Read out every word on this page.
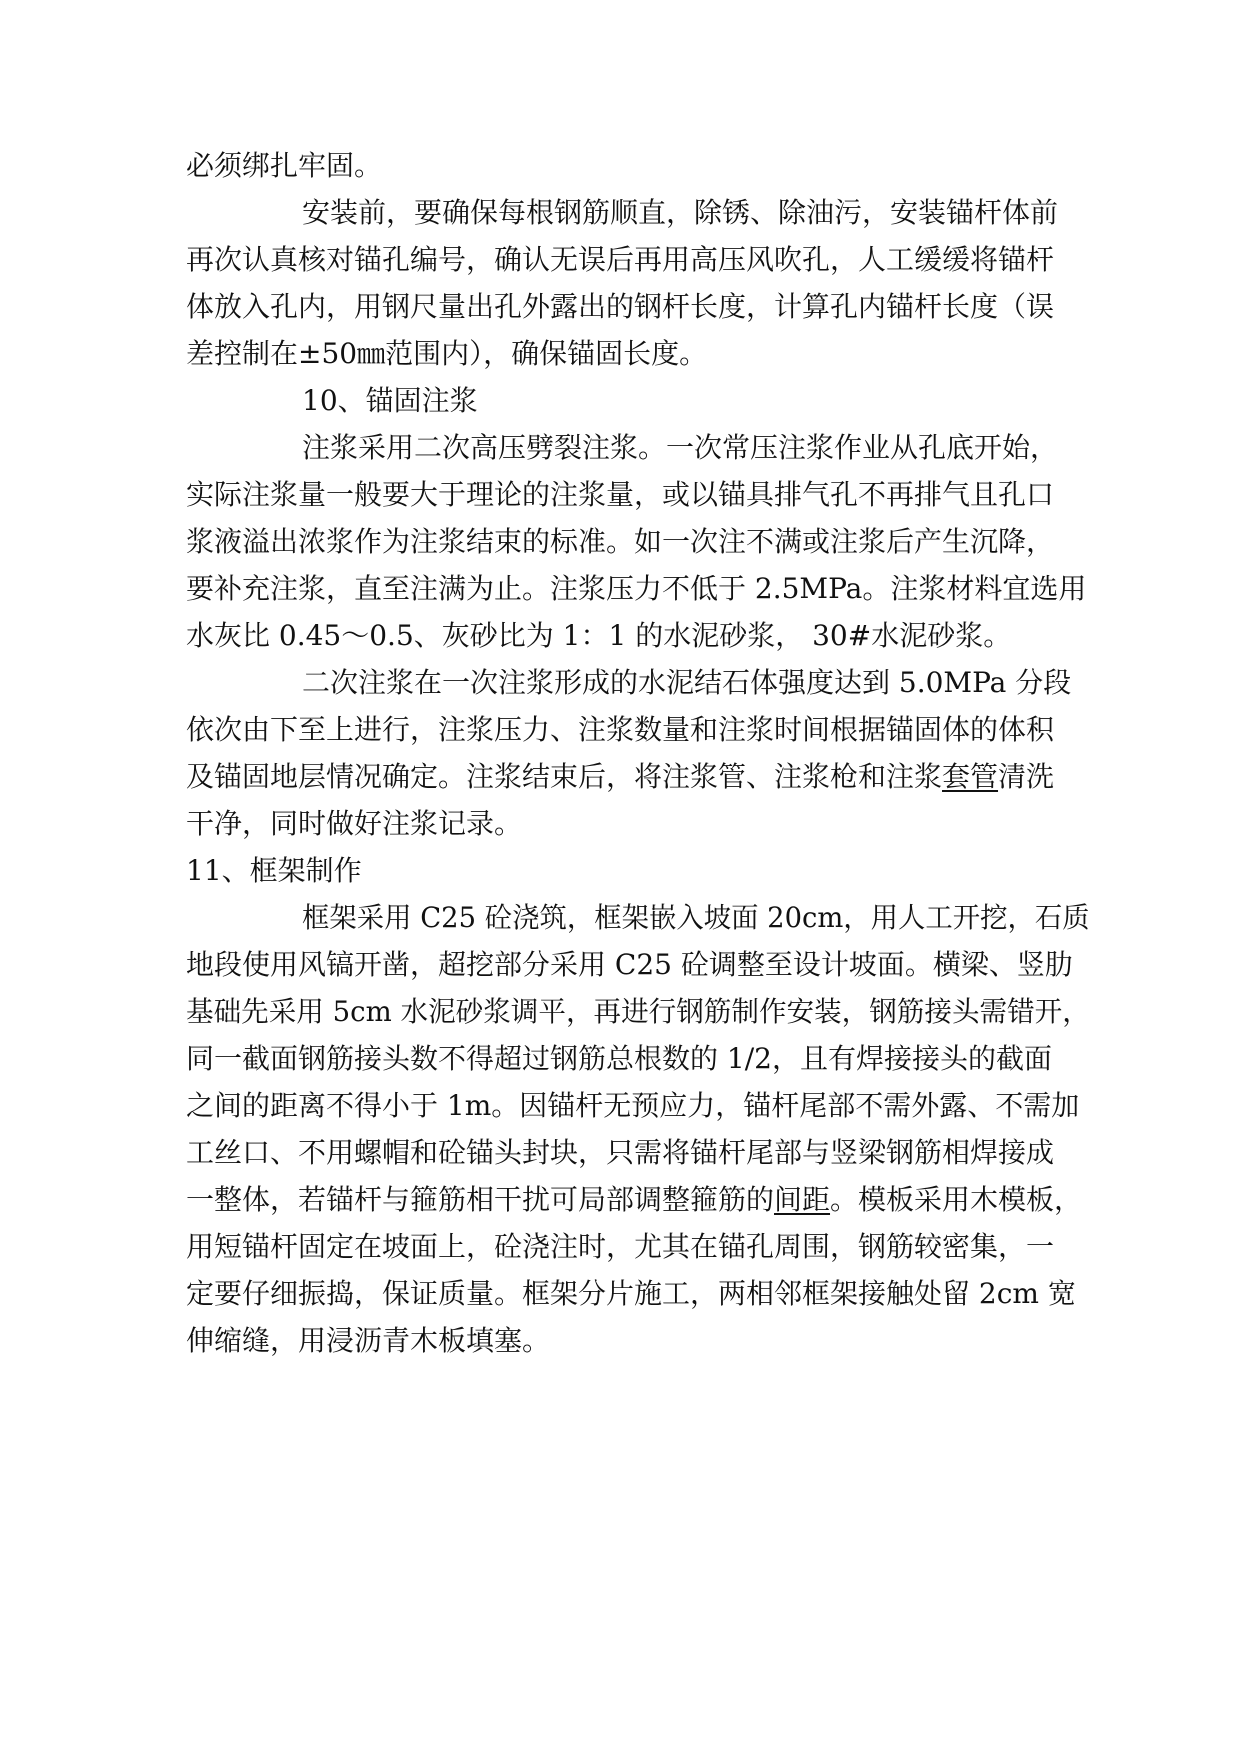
必须绑扎牢固。

安装前，要确保每根钢筋顺直，除锈、除油污，安装锚杆体前

再次认真核对锚孔编号，确认无误后再用高压风吹孔，人工缓缓将锚杆

体放入孔内，用钢尺量出孔外露出的钢杆长度，计算孔内锚杆长度（误

差控制在±50㎜范围内），确保锚固长度。

10、锚固注浆

注浆采用二次高压劈裂注浆。一次常压注浆作业从孔底开始，

实际注浆量一般要大于理论的注浆量，或以锚具排气孔不再排气且孔口

浆液溢出浓浆作为注浆结束的标准。如一次注不满或注浆后产生沉降，

要补充注浆，直至注满为止。注浆压力不低于 2.5MPa。注浆材料宜选用

水灰比 0.45～0.5、灰砂比为 1：1 的水泥砂浆， 30#水泥砂浆。

二次注浆在一次注浆形成的水泥结石体强度达到 5.0MPa 分段

依次由下至上进行，注浆压力、注浆数量和注浆时间根据锚固体的体积

及锚固地层情况确定。注浆结束后，将注浆管、注浆枪和注浆套管清洗

干净，同时做好注浆记录。

11、框架制作

框架采用 C25 砼浇筑，框架嵌入坡面 20cm，用人工开挖，石质

地段使用风镐开凿，超挖部分采用 C25 砼调整至设计坡面。横梁、竖肋

基础先采用 5cm 水泥砂浆调平，再进行钢筋制作安装，钢筋接头需错开，

同一截面钢筋接头数不得超过钢筋总根数的 1/2，且有焊接接头的截面

之间的距离不得小于 1m。因锚杆无预应力，锚杆尾部不需外露、不需加

工丝口、不用螺帽和砼锚头封块，只需将锚杆尾部与竖梁钢筋相焊接成

一整体，若锚杆与箍筋相干扰可局部调整箍筋的间距。模板采用木模板，

用短锚杆固定在坡面上，砼浇注时，尤其在锚孔周围，钢筋较密集，一

定要仔细振捣，保证质量。框架分片施工，两相邻框架接触处留 2cm 宽

伸缩缝，用浸沥青木板填塞。
